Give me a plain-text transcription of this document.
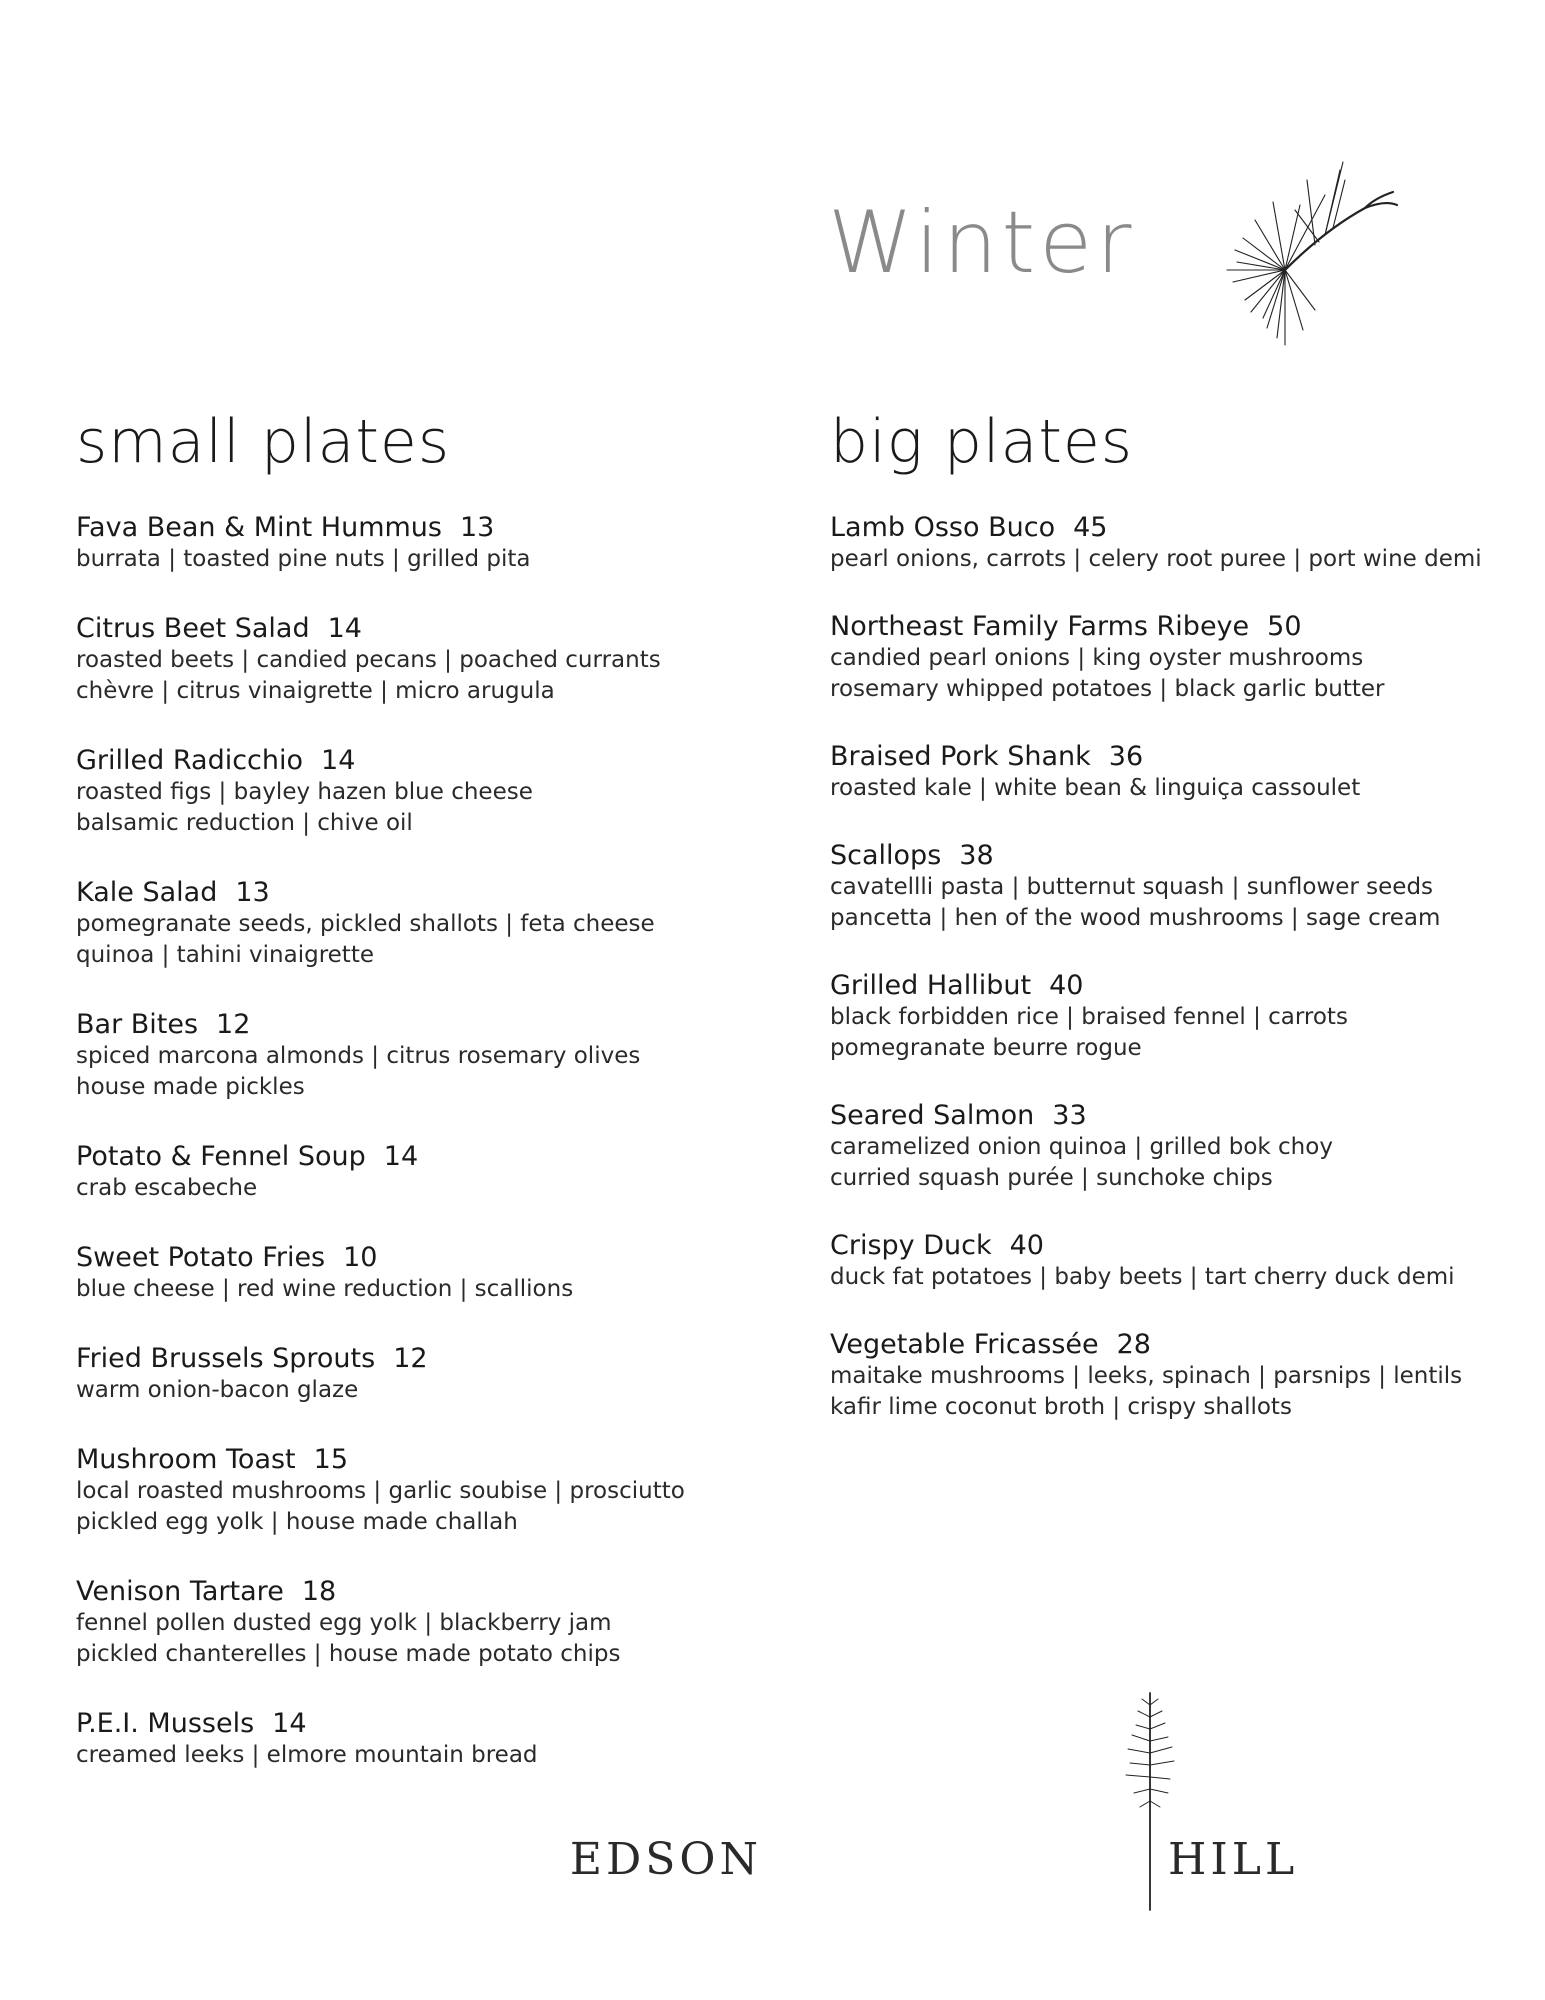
Winter
small plates
Fava Bean & Mint Hummus 13
burrata | toasted pine nuts | grilled pita
Citrus Beet Salad 14
roasted beets | candied pecans | poached currants
chèvre | citrus vinaigrette | micro arugula
Grilled Radicchio 14
roasted figs | bayley hazen blue cheese
balsamic reduction | chive oil
Kale Salad 13
pomegranate seeds, pickled shallots | feta cheese
quinoa | tahini vinaigrette
Bar Bites 12
spiced marcona almonds | citrus rosemary olives
house made pickles
Potato & Fennel Soup 14
crab escabeche
Sweet Potato Fries 10
blue cheese | red wine reduction | scallions
Fried Brussels Sprouts 12
warm onion-bacon glaze
Mushroom Toast 15
local roasted mushrooms | garlic soubise | prosciutto
pickled egg yolk | house made challah
Venison Tartare 18
fennel pollen dusted egg yolk | blackberry jam
pickled chanterelles | house made potato chips
P.E.I. Mussels 14
creamed leeks | elmore mountain bread
big plates
Lamb Osso Buco 45
pearl onions, carrots | celery root puree | port wine demi
Northeast Family Farms Ribeye 50
candied pearl onions | king oyster mushrooms
rosemary whipped potatoes | black garlic butter
Braised Pork Shank 36
roasted kale | white bean & linguiça cassoulet
Scallops 38
cavatellli pasta | butternut squash | sunflower seeds
pancetta | hen of the wood mushrooms | sage cream
Grilled Hallibut 40
black forbidden rice | braised fennel | carrots
pomegranate beurre rogue
Seared Salmon 33
caramelized onion quinoa | grilled bok choy
curried squash purée | sunchoke chips
Crispy Duck 40
duck fat potatoes | baby beets | tart cherry duck demi
Vegetable Fricassée 28
maitake mushrooms | leeks, spinach | parsnips | lentils
kafir lime coconut broth | crispy shallots
EDSON	HILL
